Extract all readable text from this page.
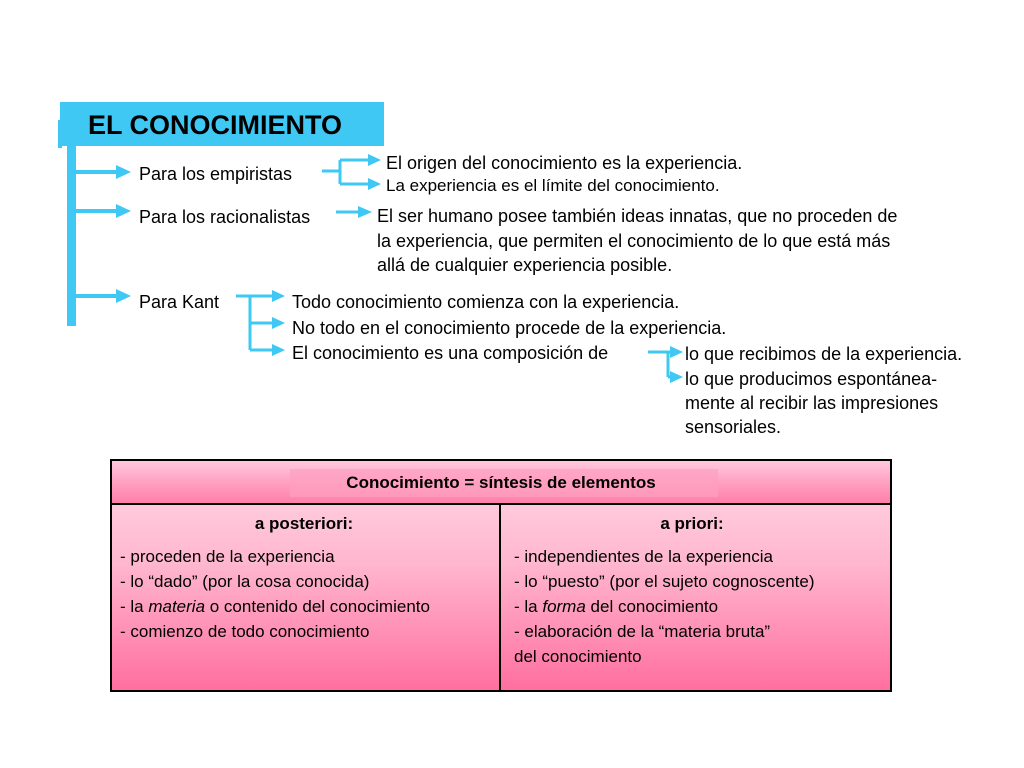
EL CONOCIMIENTO
Para los empiristas
El origen del conocimiento es la experiencia.
La experiencia es el límite del conocimiento.
Para los racionalistas	El ser humano posee también ideas innatas, que no proceden de
la experiencia, que permiten el conocimiento de lo que está más
allá de cualquier experiencia posible.
Para Kant	Todo conocimiento comienza con la experiencia.
No todo en el conocimiento procede de la experiencia.
El conocimiento es una composición de	lo que recibimos de la experiencia.
lo que producimos espontánea-
mente al recibir las impresiones
sensoriales.
Conocimiento = síntesis de elementos
a posteriori:
- proceden de la experiencia
- lo “dado” (por la cosa conocida)
- la materia o contenido del conocimiento
- comienzo de todo conocimiento
a priori:
- independientes de la experiencia
- lo “puesto” (por el sujeto cognoscente)
- la forma del conocimiento
- elaboración de la “materia bruta”
del conocimiento
